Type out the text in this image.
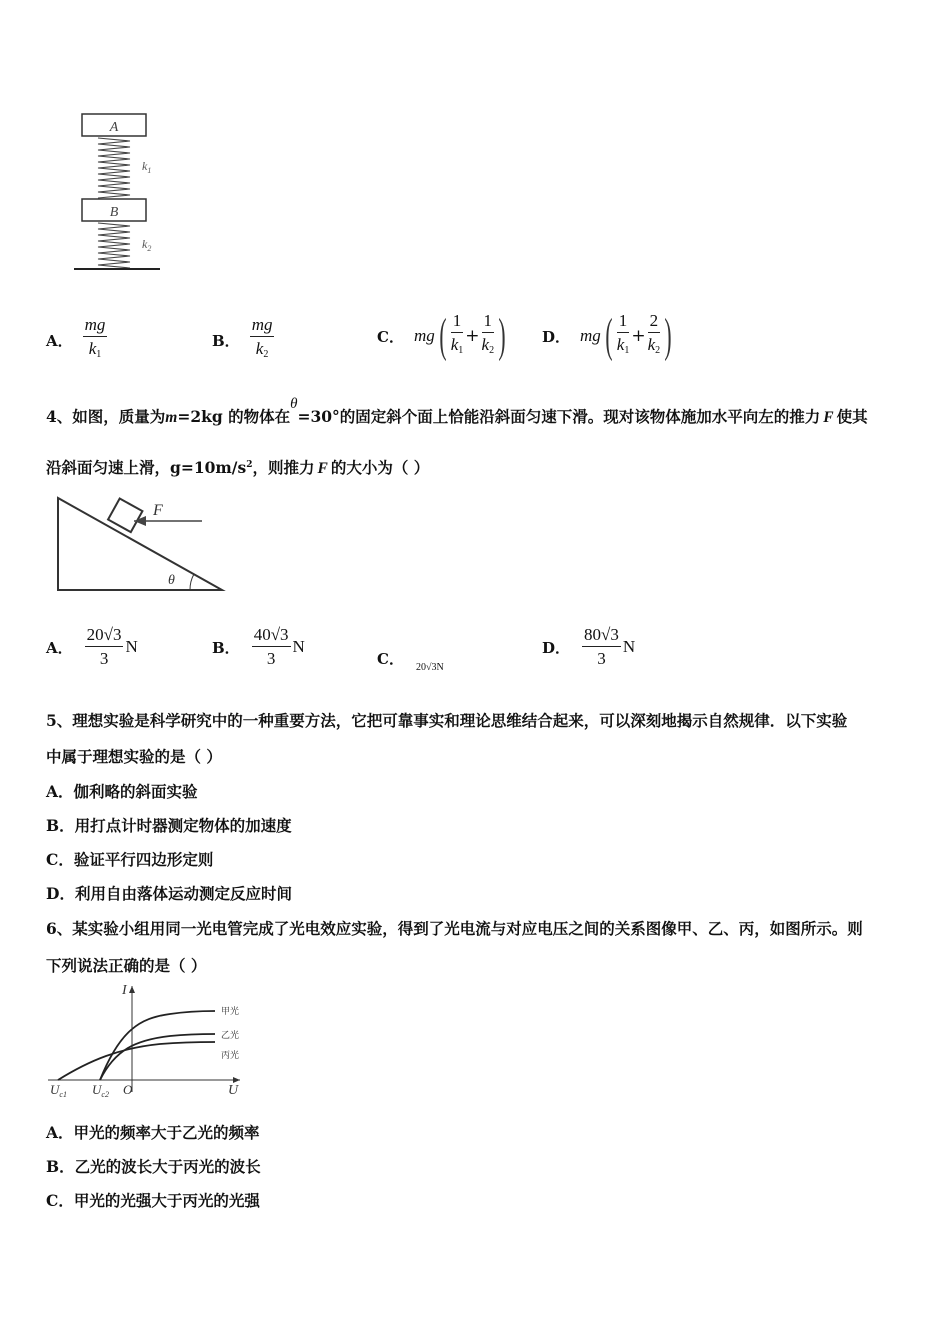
A
$k_1$
B
$k_2$
A． $\frac{mg}{k_1}$	B． $\frac{mg}{k_2}$	C． mg ( $\frac{1}{k_1} + \frac{1}{k_2}$ ) D． mg ( $\frac{1}{k_1} + \frac{2}{k_2}$ )
4、如图，质量为m=2kg 的物体在θ=30°的固定斜个面上恰能沿斜面匀速下滑。现对该物体施加水平向左的推力 F 使其
沿斜面匀速上滑，$g=10m/s^2$，则推力 F 的大小为（ ）
F
θ
A． $\frac{20√3}{3}$ N	B． $\frac{40√3}{3}$ N
C． 20√3N
D． $\frac{80√3}{3}$ N
5、理想实验是科学研究中的一种重要方法，它把可靠事实和理论思维结合起来，可以深刻地揭示自然规律．以下实验
中属于理想实验的是（ ）
A．伽利略的斜面实验
B．用打点计时器测定物体的加速度
C．验证平行四边形定则
D．利用自由落体运动测定反应时间
6、某实验小组用同一光电管完成了光电效应实验，得到了光电流与对应电压之间的关系图像甲、乙、丙，如图所示。则
下列说法正确的是（ ）
I
U
O
$U_{c1}$ $U_{c2}$
甲光
乙光
丙光
A．甲光的频率大于乙光的频率
B．乙光的波长大于丙光的波长
C．甲光的光强大于丙光的光强
